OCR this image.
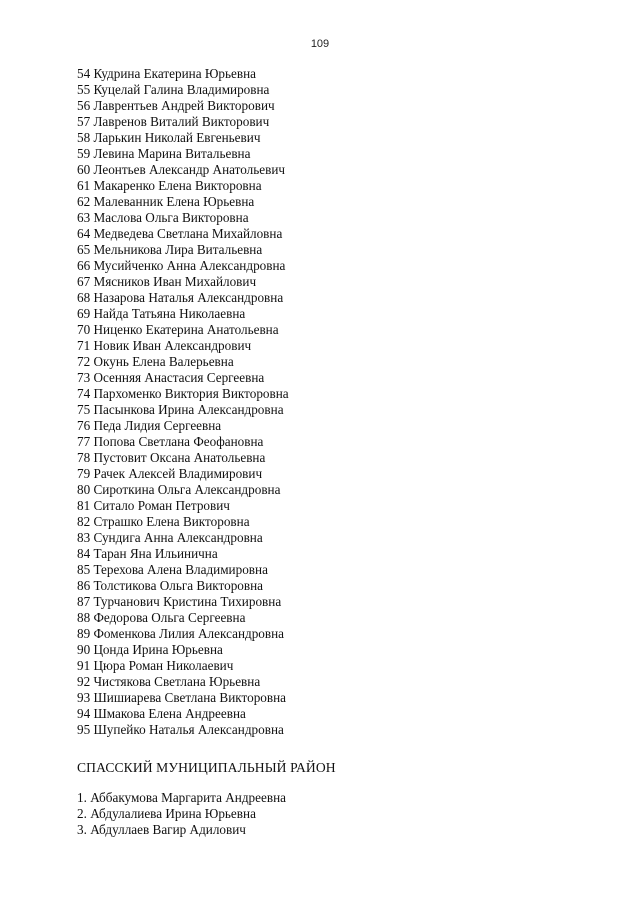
109
54 Кудрина Екатерина Юрьевна
55 Куцелай Галина Владимировна
56 Лаврентьев Андрей Викторович
57 Лавренов Виталий Викторович
58 Ларькин Николай Евгеньевич
59 Левина Марина Витальевна
60 Леонтьев Александр Анатольевич
61 Макаренко Елена Викторовна
62 Малеванник Елена Юрьевна
63 Маслова Ольга Викторовна
64 Медведева Светлана Михайловна
65 Мельникова Лира Витальевна
66 Мусийченко Анна Александровна
67 Мясников Иван Михайлович
68 Назарова Наталья Александровна
69 Найда Татьяна Николаевна
70 Ниценко Екатерина Анатольевна
71 Новик Иван Александрович
72 Окунь Елена Валерьевна
73 Осенняя Анастасия Сергеевна
74 Пархоменко Виктория Викторовна
75 Пасынкова Ирина Александровна
76 Педа Лидия Сергеевна
77 Попова Светлана Феофановна
78 Пустовит Оксана Анатольевна
79 Рачек Алексей Владимирович
80 Сироткина Ольга Александровна
81 Ситало Роман Петрович
82 Страшко Елена Викторовна
83 Сундига Анна Александровна
84 Таран Яна Ильинична
85 Терехова Алена Владимировна
86 Толстикова Ольга Викторовна
87 Турчанович Кристина Тихировна
88 Федорова Ольга Сергеевна
89 Фоменкова Лилия Александровна
90 Цонда Ирина Юрьевна
91 Цюра Роман Николаевич
92 Чистякова Светлана Юрьевна
93 Шишиарева Светлана Викторовна
94 Шмакова Елена Андреевна
95 Шупейко Наталья Александровна
СПАССКИЙ МУНИЦИПАЛЬНЫЙ РАЙОН
1. Аббакумова Маргарита Андреевна
2. Абдулалиева Ирина Юрьевна
3. Абдуллаев Вагир Адилович
